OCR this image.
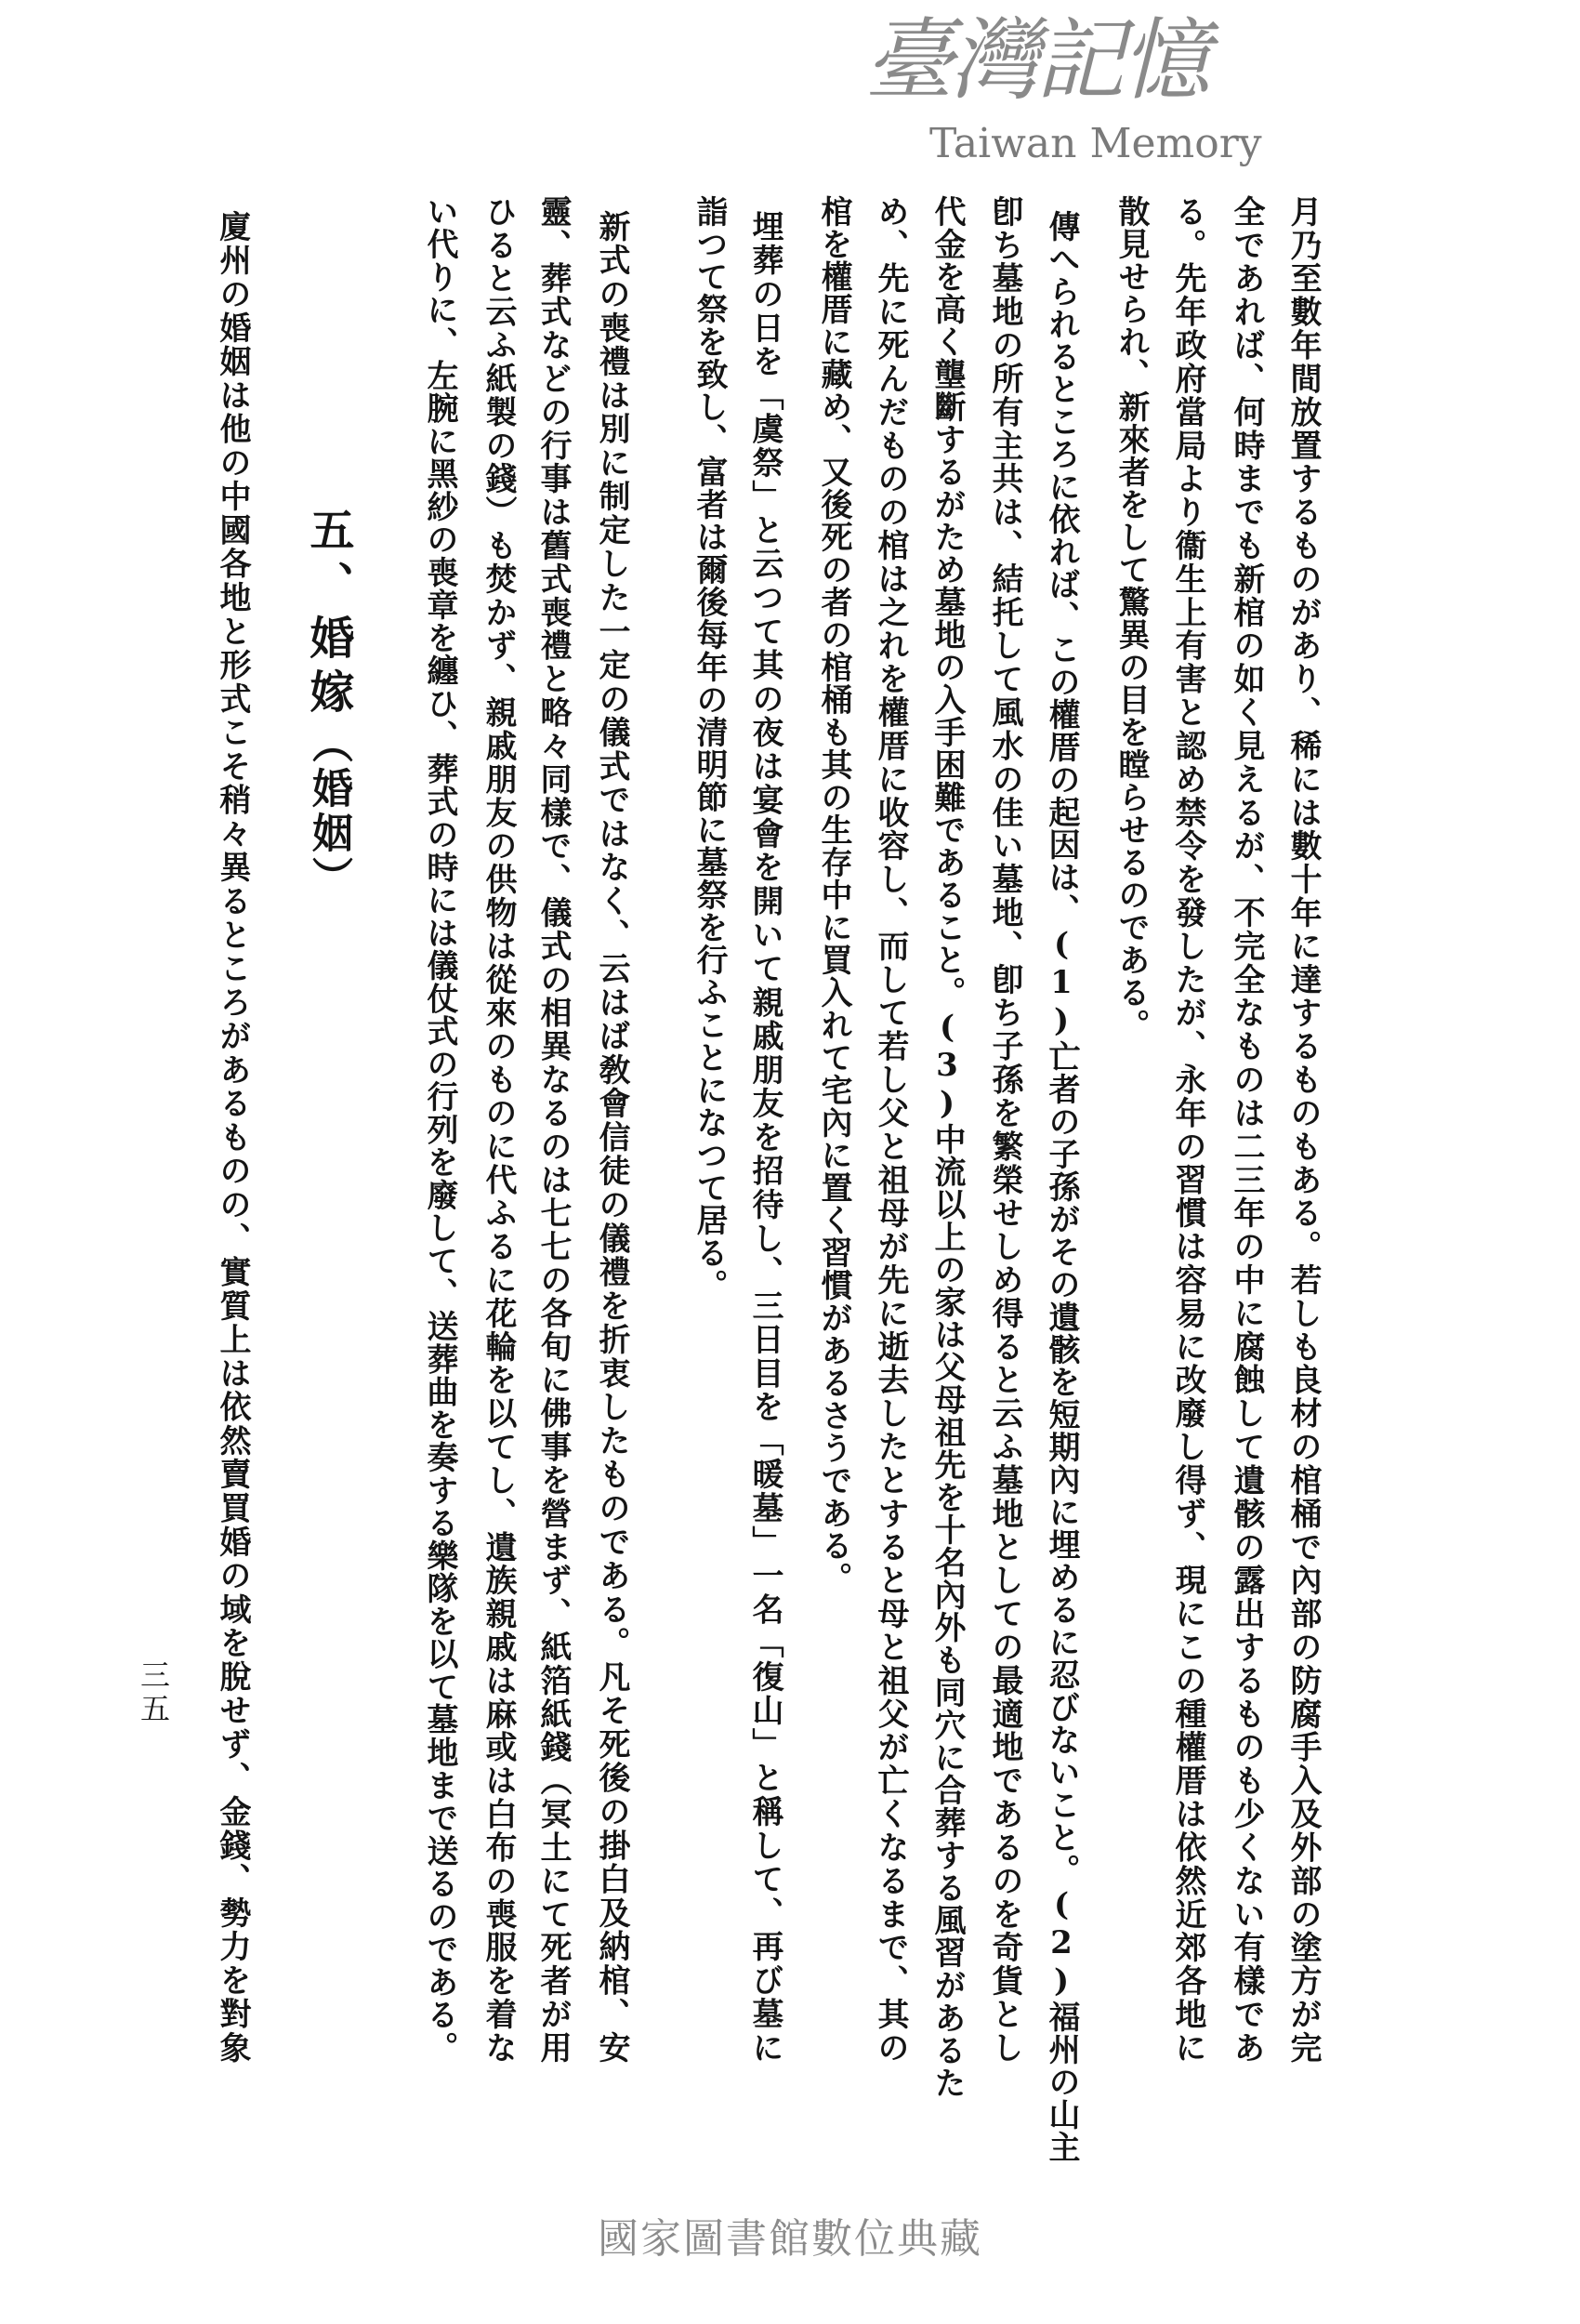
月乃至數年間放置するものがあり、稀には數十年に達するものもある。若しも良材の棺桶で內部の防腐手入及外部の塗方が完
全であれば、何時までも新棺の如く見えるが、不完全なものは二三年の中に腐蝕して遺骸の露出するものも少くない有樣であ
る。先年政府當局より衞生上有害と認め禁令を發したが、永年の習慣は容易に改廢し得ず、現にこの種權厝は依然近郊各地に
散見せられ、新來者をして驚異の目を瞠らせるのである。
傳へられるところに依れば、この權厝の起因は、(1)亡者の子孫がその遺骸を短期內に埋めるに忍びないこと。(2)福州の山主
卽ち墓地の所有主共は、結托して風水の佳い墓地、卽ち子孫を繁榮せしめ得ると云ふ墓地としての最適地であるのを奇貨とし
代金を高く壟斷するがため墓地の入手困難であること。(3)中流以上の家は父母祖先を十名內外も同穴に合葬する風習があるた
め、先に死んだものの棺は之れを權厝に收容し、而して若し父と祖母が先に逝去したとすると母と祖父が亡くなるまで、其の
棺を權厝に藏め、又後死の者の棺桶も其の生存中に買入れて宅內に置く習慣があるさうである。
埋葬の日を「虞祭」と云つて其の夜は宴會を開いて親戚朋友を招待し、三日目を「暖墓」一名「復山」と稱して、再び墓に
詣つて祭を致し、富者は爾後每年の清明節に墓祭を行ふことになつて居る。
新式の喪禮は別に制定した一定の儀式ではなく、云はば敎會信徒の儀禮を折衷したものである。凡そ死後の掛白及納棺、安
靈、葬式などの行事は舊式喪禮と略々同樣で、儀式の相異なるのは七七の各旬に佛事を營まず、紙箔紙錢（冥土にて死者が用
ひると云ふ紙製の錢）も焚かず、親戚朋友の供物は從來のものに代ふるに花輪を以てし、遺族親戚は麻或は白布の喪服を着な
い代りに、左腕に黑紗の喪章を纏ひ、葬式の時には儀仗式の行列を廢して、送葬曲を奏する樂隊を以て墓地まで送るのである。
五、婚嫁（婚姻）
廈州の婚姻は他の中國各地と形式こそ稍々異るところがあるものの、實質上は依然賣買婚の域を脫せず、金錢、勢力を對象
三五
臺灣記憶
Taiwan Memory
國家圖書館數位典藏
